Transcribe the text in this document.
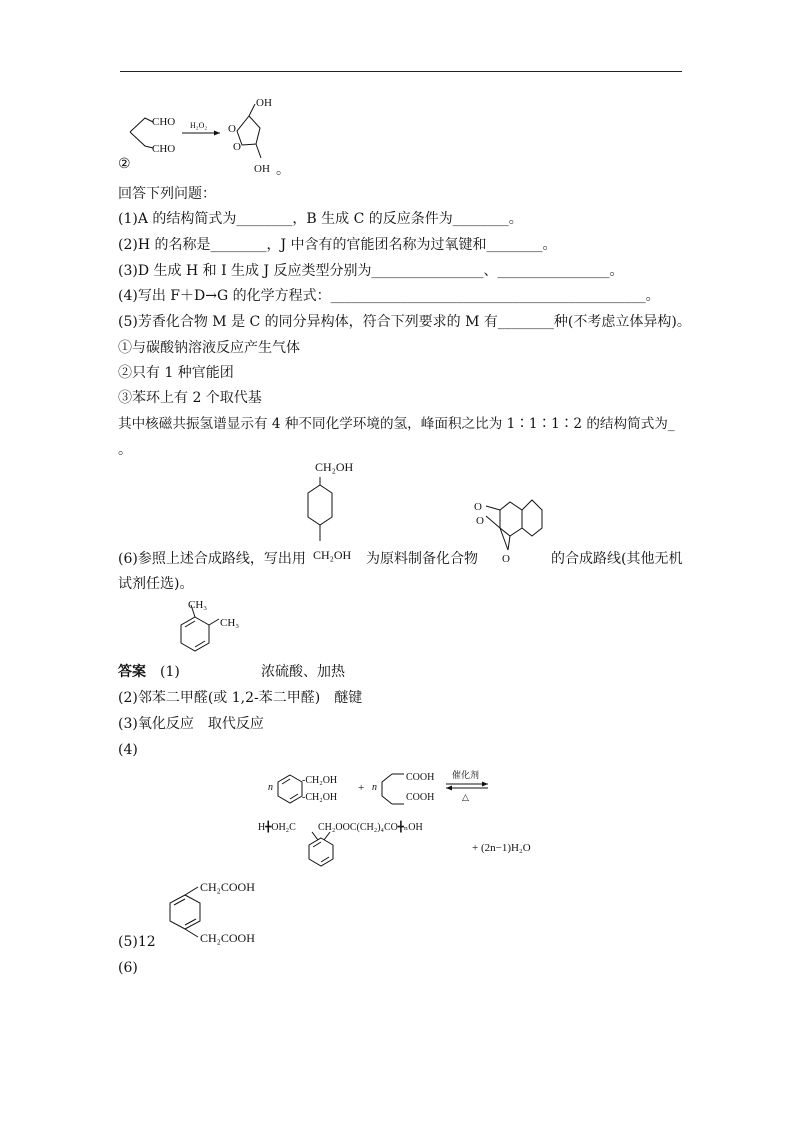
②
CHO
CHO
H₂O₂
OH
OH
O
O
。
回答下列问题：
(1)A 的结构简式为________，B 生成 C 的反应条件为________。
(2)H 的名称是________，J 中含有的官能团名称为过氧键和________。
(3)D 生成 H 和 I 生成 J 反应类型分别为________________、________________。
(4)写出 F＋D→G 的化学方程式：_____________________________________________。
(5)芳香化合物 M 是 C 的同分异构体，符合下列要求的 M 有________种(不考虑立体异构)。
①与碳酸钠溶液反应产生气体
②只有 1 种官能团
③苯环上有 2 个取代基
其中核磁共振氢谱显示有 4 种不同化学环境的氢，峰面积之比为 1∶1∶1∶2 的结构简式为_
。
CH₂OH
(6)参照上述合成路线，写出用 CH₂OH 为原料制备化合物
O
O
O	的合成路线(其他无机
试剂任选)。
CH₃
CH₃
答案 (1)	浓硫酸、加热
(2)邻苯二甲醛(或 1,2-苯二甲醛)　醚键
(3)氧化反应　取代反应
(4)
n
-CH₂OH
-CH₂OH
+ n
COOH
COOH
催化剂
△
H╋OH₂C CH₂OOC(CH₂)₄CO╋ₙOH
+ (2n−1)H₂O
CH₂COOH
CH₂COOH
(5)12
(6)
